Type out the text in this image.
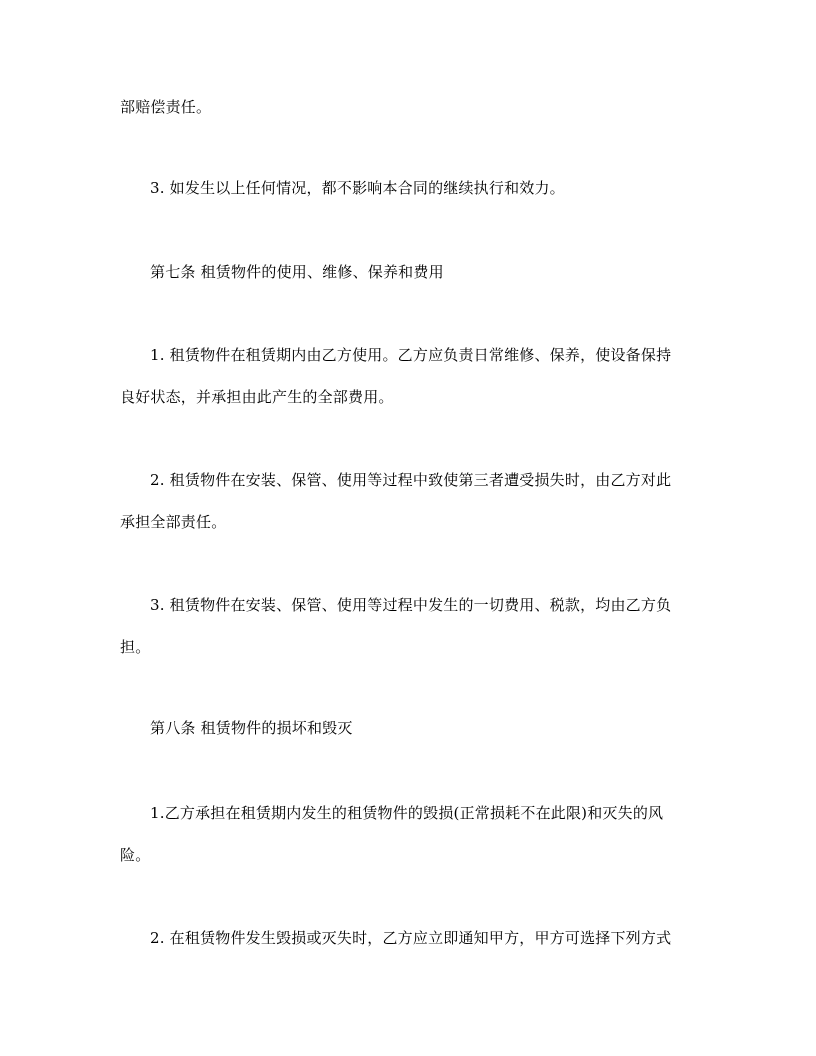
部赔偿责任。
3. 如发生以上任何情况，都不影响本合同的继续执行和效力。
第七条 租赁物件的使用、维修、保养和费用
1. 租赁物件在租赁期内由乙方使用。乙方应负责日常维修、保养，使设备保持
良好状态，并承担由此产生的全部费用。
2. 租赁物件在安装、保管、使用等过程中致使第三者遭受损失时，由乙方对此
承担全部责任。
3. 租赁物件在安装、保管、使用等过程中发生的一切费用、税款，均由乙方负
担。
第八条 租赁物件的损坏和毁灭
1.乙方承担在租赁期内发生的租赁物件的毁损(正常损耗不在此限)和灭失的风
险。
2. 在租赁物件发生毁损或灭失时，乙方应立即通知甲方，甲方可选择下列方式
